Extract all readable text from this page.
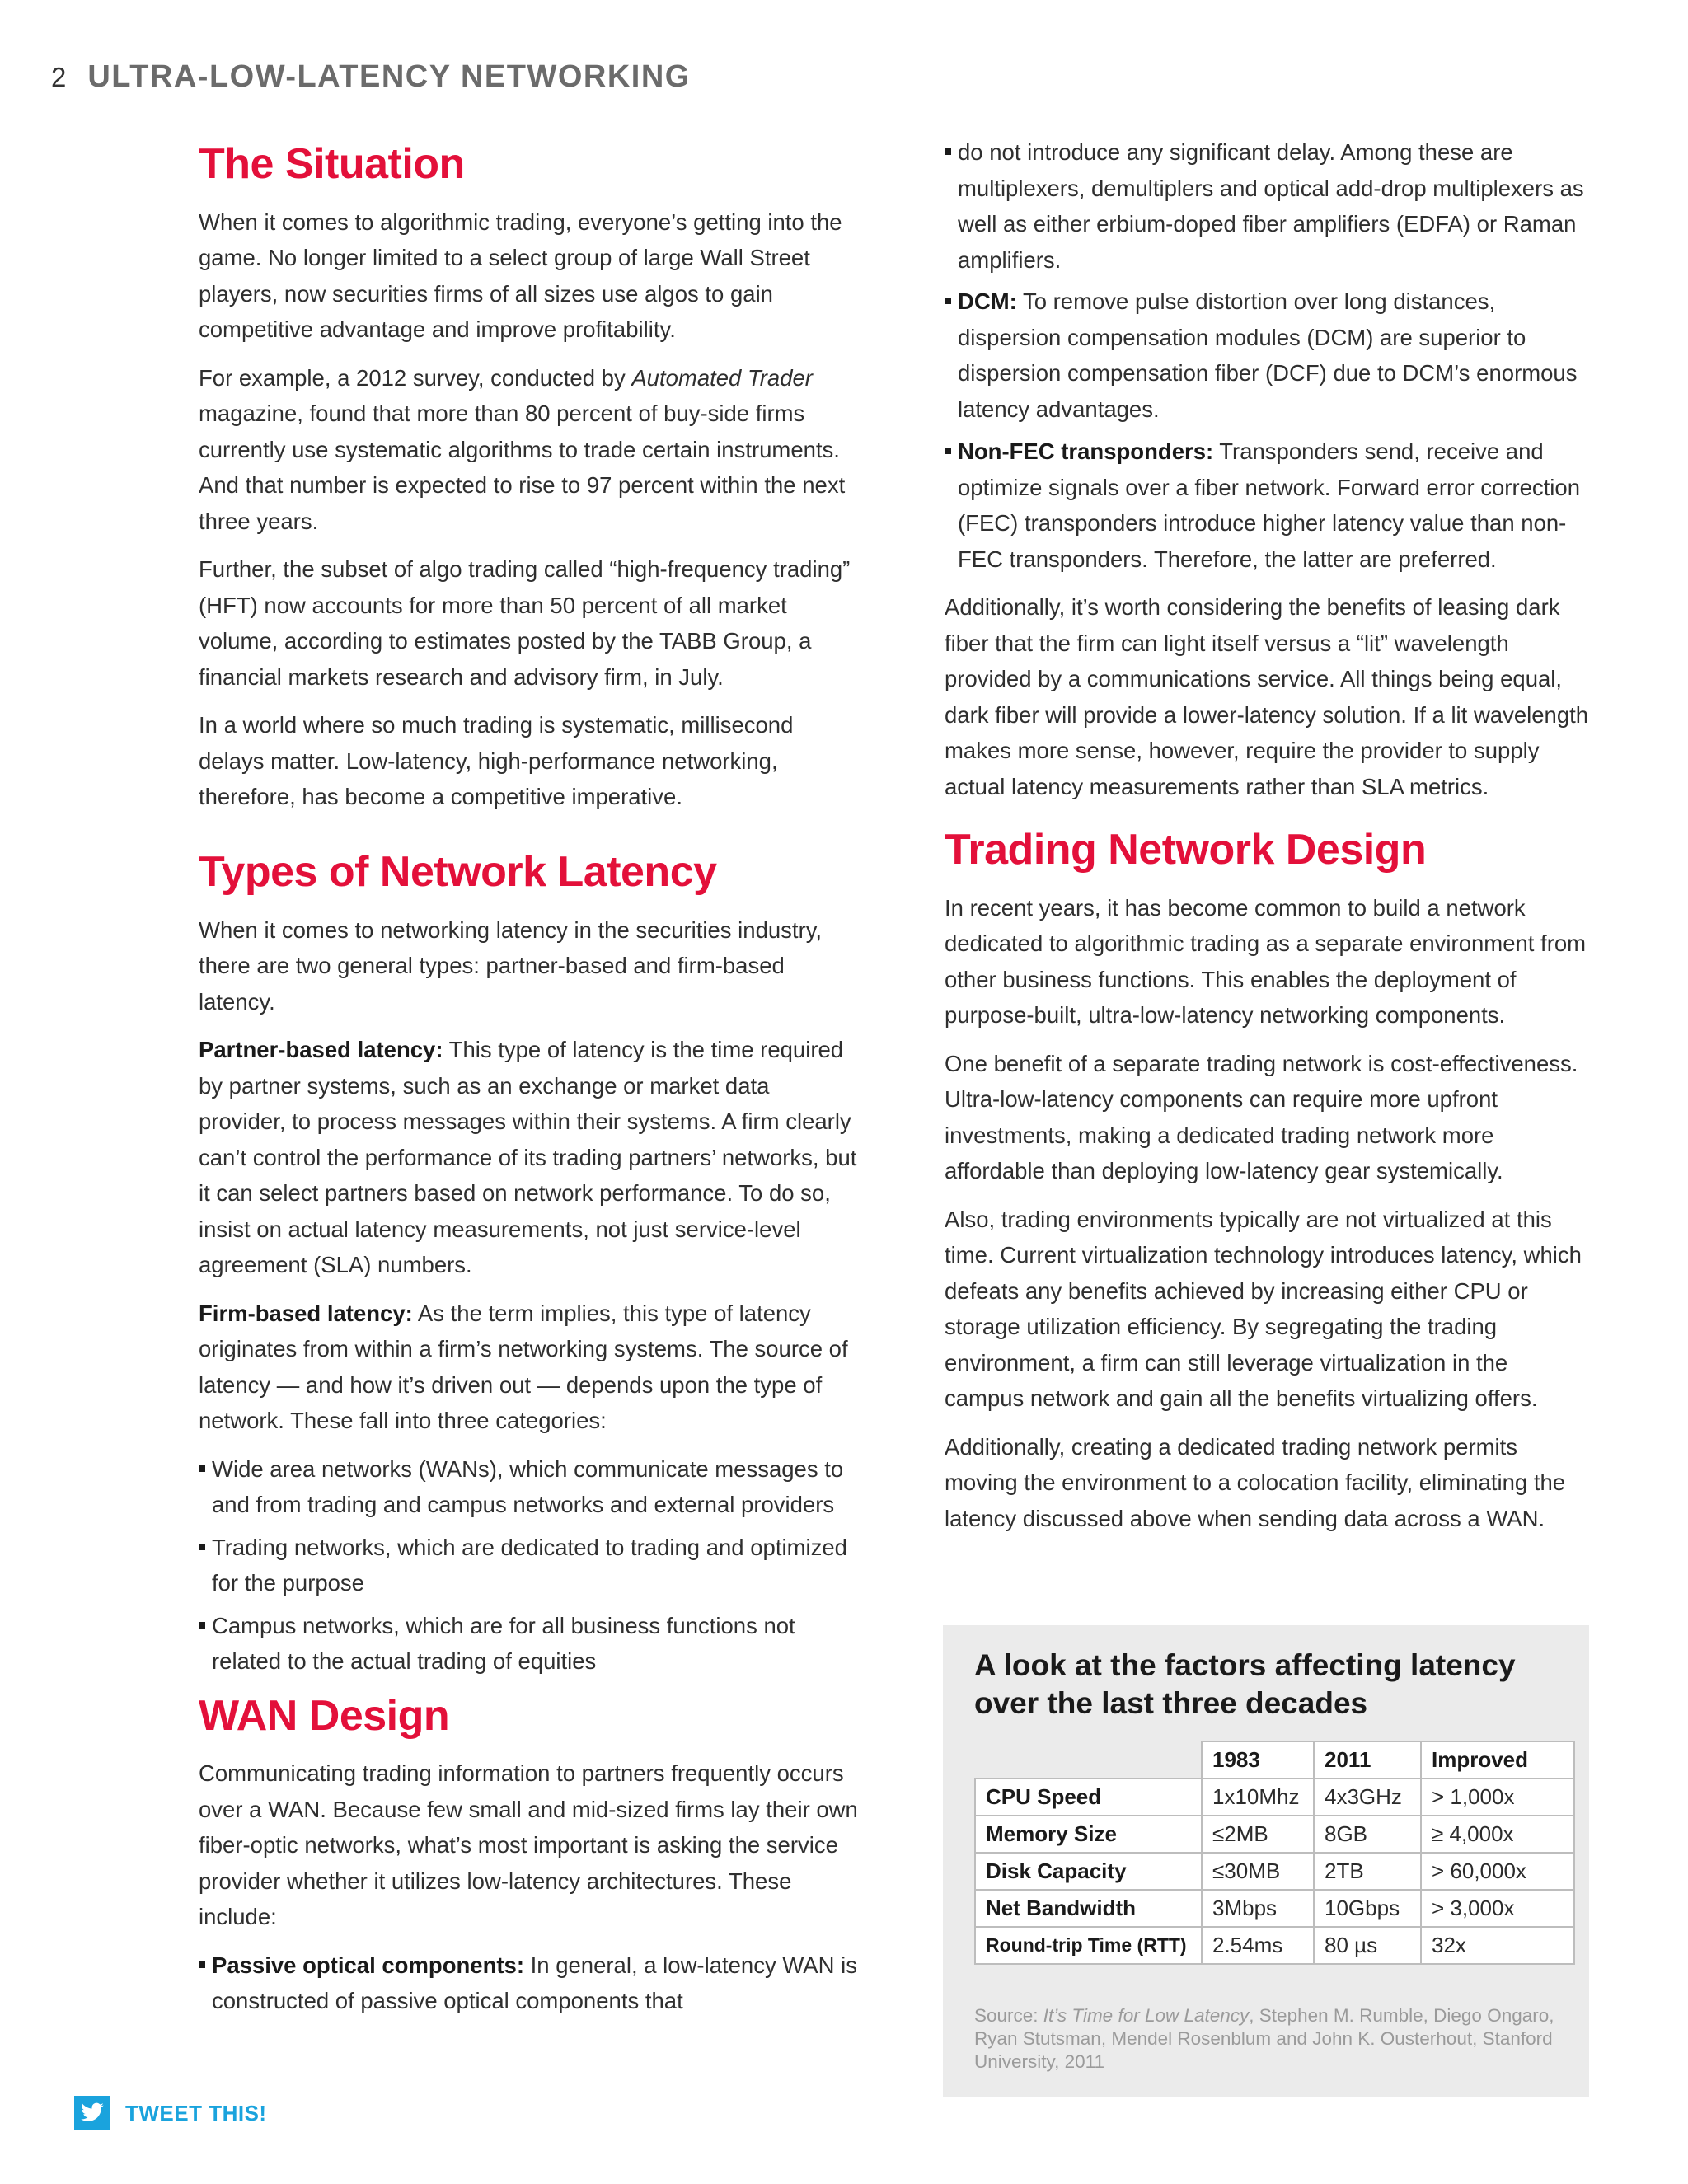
2 ULTRA-LOW-LATENCY NETWORKING
The Situation

When it comes to algorithmic trading, everyone’s getting into the game. No longer limited to a select group of large Wall Street players, now securities firms of all sizes use algos to gain competitive advantage and improve profitability.

For example, a 2012 survey, conducted by Automated Trader magazine, found that more than 80 percent of buy-side firms currently use systematic algorithms to trade certain instruments. And that number is expected to rise to 97 percent within the next three years.

Further, the subset of algo trading called “high-frequency trading” (HFT) now accounts for more than 50 percent of all market volume, according to estimates posted by the TABB Group, a financial markets research and advisory firm, in July.

In a world where so much trading is systematic, millisecond delays matter. Low-latency, high-performance networking, therefore, has become a competitive imperative.

Types of Network Latency

When it comes to networking latency in the securities industry, there are two general types: partner-based and firm-based latency.

Partner-based latency: This type of latency is the time required by partner systems, such as an exchange or market data provider, to process messages within their systems. A firm clearly can’t control the performance of its trading partners’ networks, but it can select partners based on network performance. To do so, insist on actual latency measurements, not just service-level agreement (SLA) numbers.

Firm-based latency: As the term implies, this type of latency originates from within a firm’s networking systems. The source of latency — and how it’s driven out — depends upon the type of network. These fall into three categories:

Wide area networks (WANs), which communicate messages to and from trading and campus networks and external providers
Trading networks, which are dedicated to trading and optimized for the purpose
Campus networks, which are for all business functions not related to the actual trading of equities
WAN Design

Communicating trading information to partners frequently occurs over a WAN. Because few small and mid-sized firms lay their own fiber-optic networks, what’s most important is asking the service provider whether it utilizes low-latency architectures. These include:

Passive optical components: In general, a low-latency WAN is constructed of passive optical components that
do not introduce any significant delay. Among these are multiplexers, demultiplers and optical add-drop multiplexers as well as either erbium-doped fiber amplifiers (EDFA) or Raman amplifiers.
DCM: To remove pulse distortion over long distances, dispersion compensation modules (DCM) are superior to dispersion compensation fiber (DCF) due to DCM’s enormous latency advantages.
Non-FEC transponders: Transponders send, receive and optimize signals over a fiber network. Forward error correction (FEC) transponders introduce higher latency value than non-FEC transponders. Therefore, the latter are preferred.

Additionally, it’s worth considering the benefits of leasing dark fiber that the firm can light itself versus a “lit” wavelength provided by a communications service. All things being equal, dark fiber will provide a lower-latency solution. If a lit wavelength makes more sense, however, require the provider to supply actual latency measurements rather than SLA metrics.

Trading Network Design

In recent years, it has become common to build a network dedicated to algorithmic trading as a separate environment from other business functions. This enables the deployment of purpose-built, ultra-low-latency networking components.

One benefit of a separate trading network is cost-effectiveness. Ultra-low-latency components can require more upfront investments, making a dedicated trading network more affordable than deploying low-latency gear systemically.

Also, trading environments typically are not virtualized at this time. Current virtualization technology introduces latency, which defeats any benefits achieved by increasing either CPU or storage utilization efficiency. By segregating the trading environment, a firm can still leverage virtualization in the campus network and gain all the benefits virtualizing offers.

Additionally, creating a dedicated trading network permits moving the environment to a colocation facility, eliminating the latency discussed above when sending data across a WAN.

A look at the factors affecting latency over the last three decades
	1983	2011	Improved
CPU Speed	1x10Mhz	4x3GHz	> 1,000x
Memory Size	≤2MB	8GB	≥ 4,000x
Disk Capacity	≤30MB	2TB	> 60,000x
Net Bandwidth	3Mbps	10Gbps	> 3,000x
Round-trip Time (RTT)	2.54ms	80 µs	32x
Source: It’s Time for Low Latency, Stephen M. Rumble, Diego Ongaro, Ryan Stutsman, Mendel Rosenblum and John K. Ousterhout, Stanford University, 2011
TWEET THIS!
